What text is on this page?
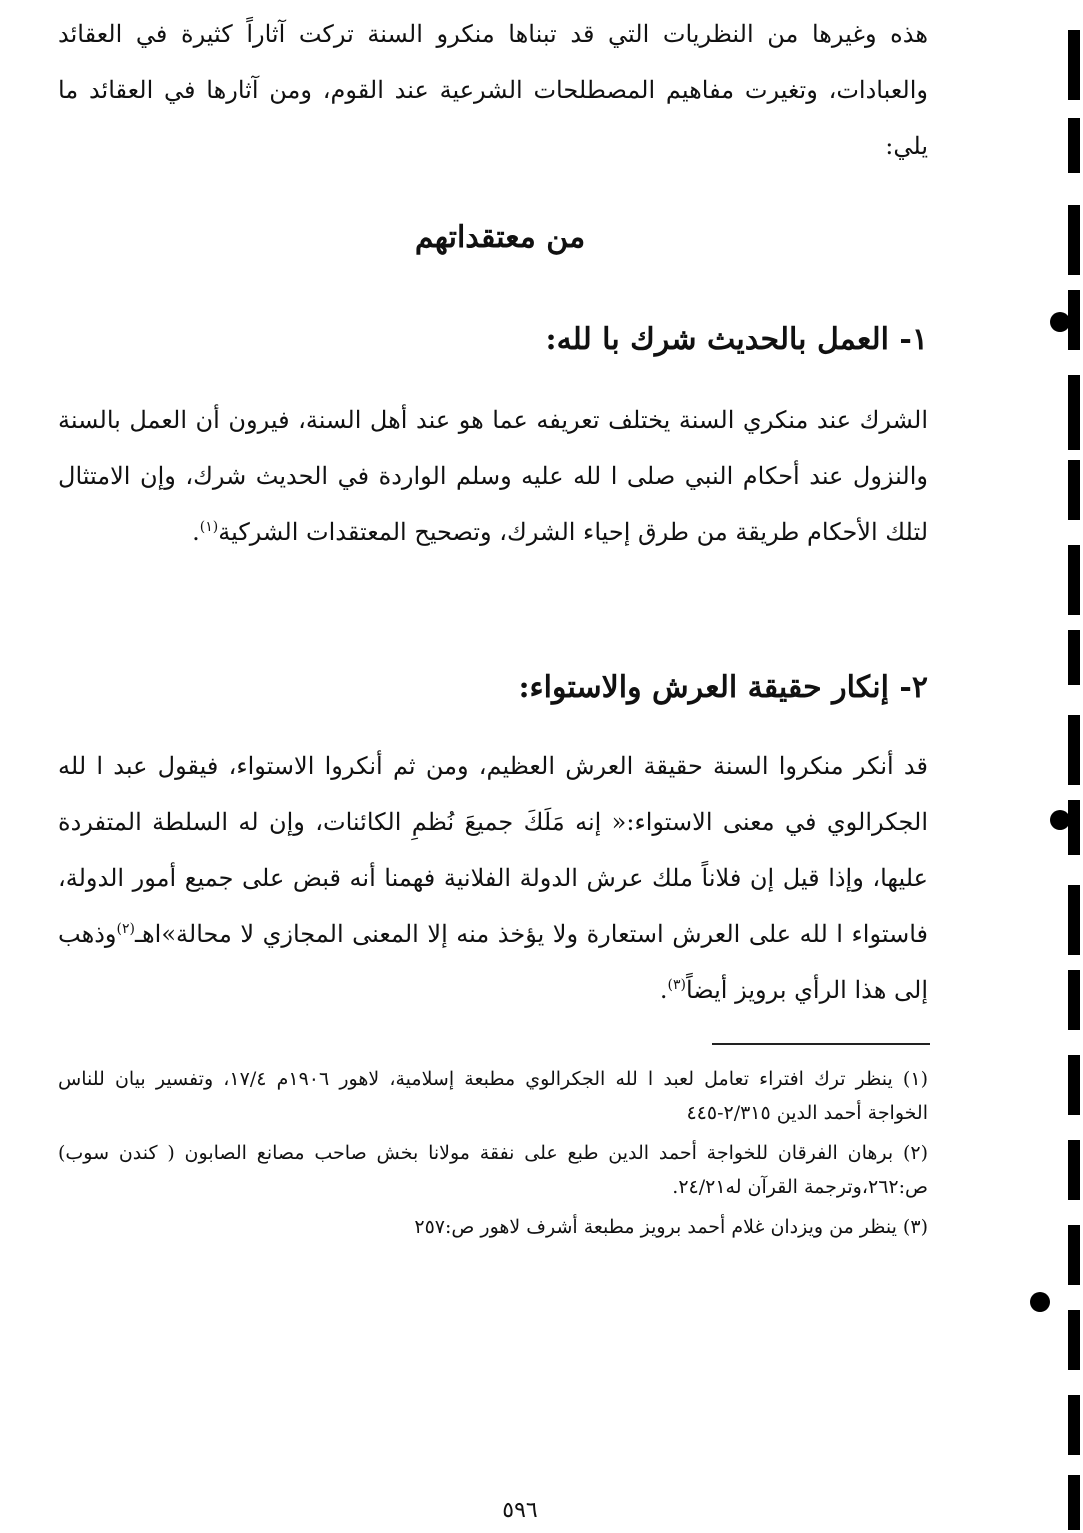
هذه وغيرها من النظريات التي قد تبناها منكرو السنة تركت آثاراً كثيرة في العقائد والعبادات، وتغيرت مفاهيم المصطلحات الشرعية عند القوم، ومن آثارها في العقائد ما يلي:
من معتقداتهم
١- العمل بالحديث شرك با لله:
الشرك عند منكري السنة يختلف تعريفه عما هو عند أهل السنة، فيرون أن العمل بالسنة والنزول عند أحكام النبي صلى ا لله عليه وسلم الواردة في الحديث شرك، وإن الامتثال لتلك الأحكام طريقة من طرق إحياء الشرك، وتصحيح المعتقدات الشركية$^{(١)}$.
٢- إنكار حقيقة العرش والاستواء:
قد أنكر منكروا السنة حقيقة العرش العظيم، ومن ثم أنكروا الاستواء، فيقول عبد ا لله الجكرالوي في معنى الاستواء:« إنه مَلَكَ جميعَ نُظمِ الكائنات، وإن له السلطة المتفردة عليها، وإذا قيل إن فلاناً ملك عرش الدولة الفلانية فهمنا أنه قبض على جميع أمور الدولة، فاستواء ا لله على العرش استعارة ولا يؤخذ منه إلا المعنى المجازي لا محالة»اهـ$^{(٢)}$وذهب إلى هذا الرأي برويز أيضاً$^{(٣)}$.
(١) ينظر ترك افتراء تعامل لعبد ا لله الجكرالوي مطبعة إسلامية، لاهور ١٩٠٦م ١٧/٤، وتفسير بيان للناس الخواجة أحمد الدين ٢/٣١٥-٤٤٥
(٢) برهان الفرقان للخواجة أحمد الدين طبع على نفقة مولانا بخش صاحب مصانع الصابون ( كندن سوب) ص:٢٦٢،وترجمة القرآن له٢٤/٢١.
(٣) ينظر من ويزدان غلام أحمد برويز مطبعة أشرف لاهور ص:٢٥٧
٥٩٦
